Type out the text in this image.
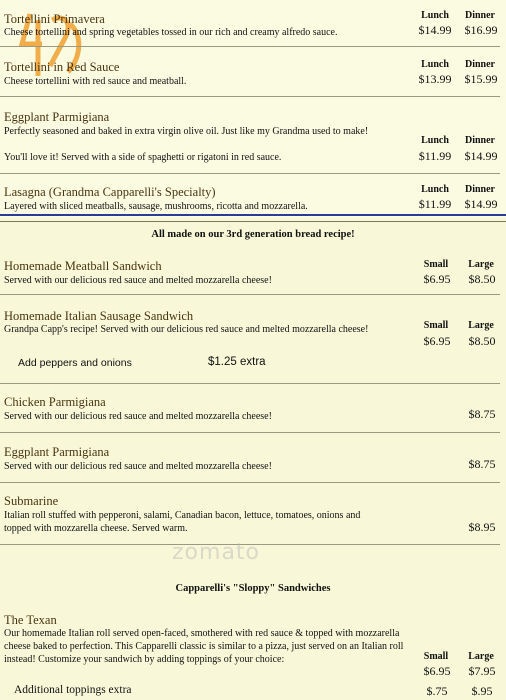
Tortellini Primavera
Cheese tortellini and spring vegetables tossed in our rich and creamy alfredo sauce.
Lunch	Dinner
$14.99	$16.99
Tortellini in Red Sauce
Cheese tortellini with red sauce and meatball.
Lunch	Dinner
$13.99	$15.99
Eggplant Parmigiana
Perfectly seasoned and baked in extra virgin olive oil. Just like my Grandma used to make!
You'll love it! Served with a side of spaghetti or rigatoni in red sauce.
Lunch	Dinner
$11.99	$14.99
Lasagna (Grandma Capparelli's Specialty)
Layered with sliced meatballs, sausage, mushrooms, ricotta and mozzarella.
Lunch	Dinner
$11.99	$14.99
All made on our 3rd generation bread recipe!
Homemade Meatball Sandwich
Served with our delicious red sauce and melted mozzarella cheese!
Small	Large
$6.95	$8.50
Homemade Italian Sausage Sandwich
Grandpa Capp's recipe! Served with our delicious red sauce and melted mozzarella cheese!	Small	Large
$6.95	$8.50
Add peppers and onions	$1.25 extra
Chicken Parmigiana
Served with our delicious red sauce and melted mozzarella cheese!	$8.75
Eggplant Parmigiana
Served with our delicious red sauce and melted mozzarella cheese!	$8.75
Submarine
Italian roll stuffed with pepperoni, salami, Canadian bacon, lettuce, tomatoes, onions and topped with mozzarella cheese. Served warm.	$8.95
zomato
Capparelli's "Sloppy" Sandwiches
The Texan
Our homemade Italian roll served open-faced, smothered with red sauce & topped with mozzarella cheese baked to perfection. This Capparelli classic is similar to a pizza, just served on an Italian roll instead! Customize your sandwich by adding toppings of your choice:	Small	Large
$6.95	$7.95
Additional toppings extra	$.75	$.95
